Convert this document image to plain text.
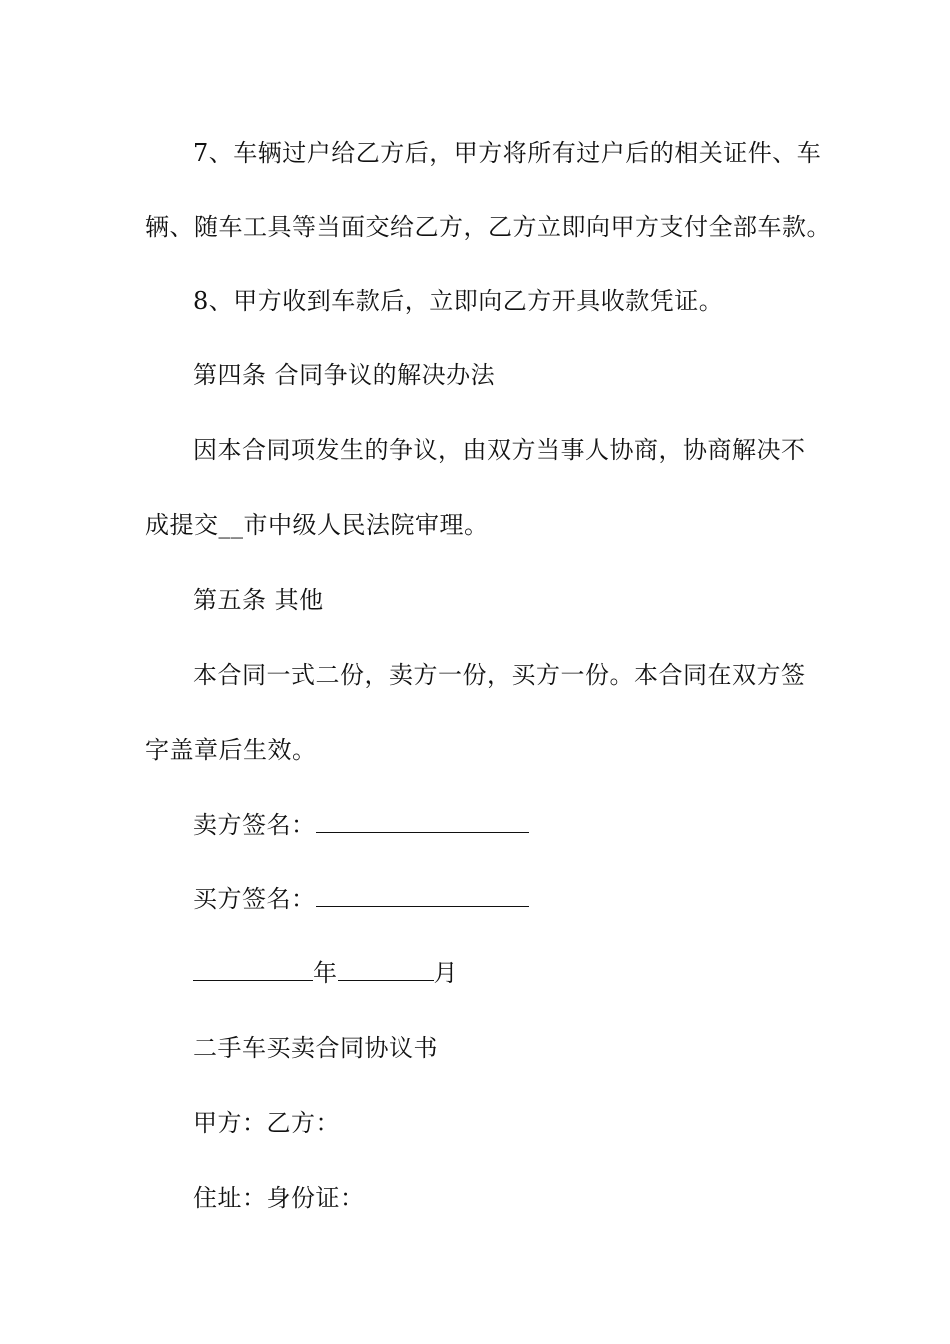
7、车辆过户给乙方后，甲方将所有过户后的相关证件、车
辆、随车工具等当面交给乙方，乙方立即向甲方支付全部车款。
8、甲方收到车款后，立即向乙方开具收款凭证。
第四条 合同争议的解决办法
因本合同项发生的争议，由双方当事人协商，协商解决不
成提交__市中级人民法院审理。
第五条 其他
本合同一式二份，卖方一份，买方一份。本合同在双方签
字盖章后生效。
卖方签名：
买方签名：
年	月
二手车买卖合同协议书
甲方：乙方：
住址：身份证：
